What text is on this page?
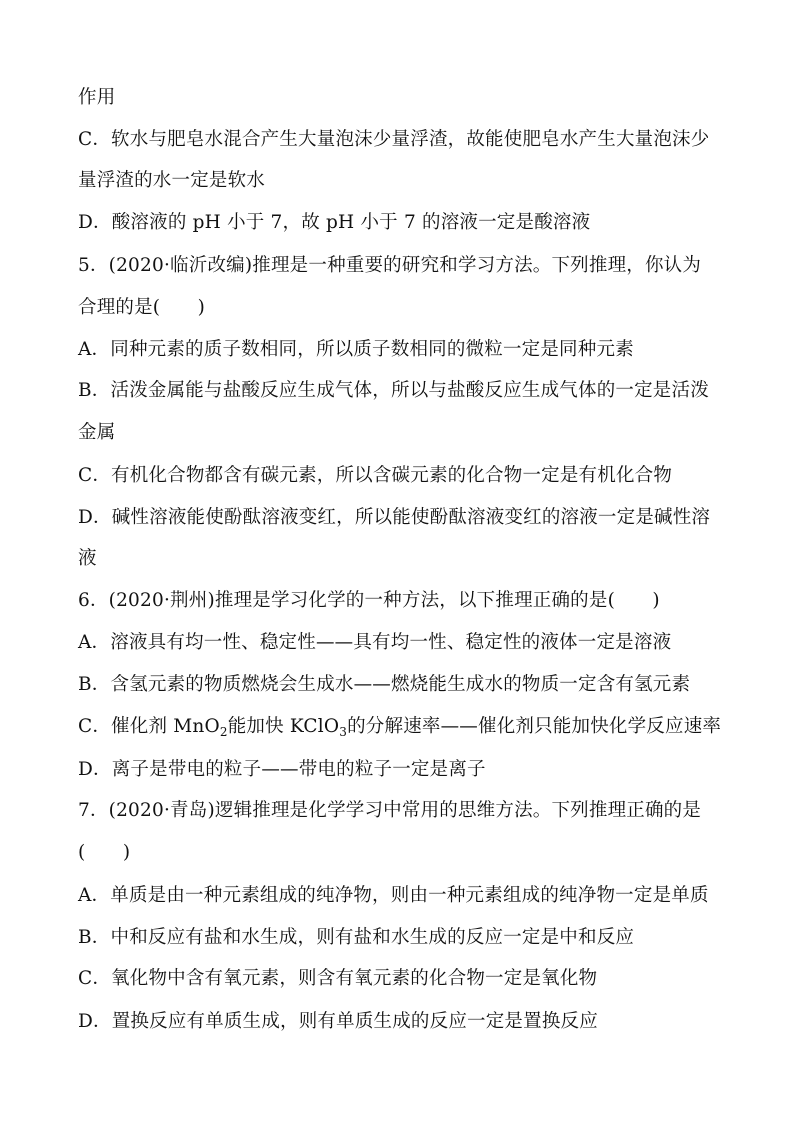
作用
C．软水与肥皂水混合产生大量泡沫少量浮渣，故能使肥皂水产生大量泡沫少
量浮渣的水一定是软水
D．酸溶液的 pH 小于 7，故 pH 小于 7 的溶液一定是酸溶液
5．(2020·临沂改编)推理是一种重要的研究和学习方法。下列推理，你认为
合理的是(　　)
A．同种元素的质子数相同，所以质子数相同的微粒一定是同种元素
B．活泼金属能与盐酸反应生成气体，所以与盐酸反应生成气体的一定是活泼
金属
C．有机化合物都含有碳元素，所以含碳元素的化合物一定是有机化合物
D．碱性溶液能使酚酞溶液变红，所以能使酚酞溶液变红的溶液一定是碱性溶
液
6．(2020·荆州)推理是学习化学的一种方法，以下推理正确的是(　　)
A．溶液具有均一性、稳定性——具有均一性、稳定性的液体一定是溶液
B．含氢元素的物质燃烧会生成水——燃烧能生成水的物质一定含有氢元素
C．催化剂 MnO$_2$能加快 KClO$_3$的分解速率——催化剂只能加快化学反应速率
D．离子是带电的粒子——带电的粒子一定是离子
7．(2020·青岛)逻辑推理是化学学习中常用的思维方法。下列推理正确的是
(　　)
A．单质是由一种元素组成的纯净物，则由一种元素组成的纯净物一定是单质
B．中和反应有盐和水生成，则有盐和水生成的反应一定是中和反应
C．氧化物中含有氧元素，则含有氧元素的化合物一定是氧化物
D．置换反应有单质生成，则有单质生成的反应一定是置换反应
